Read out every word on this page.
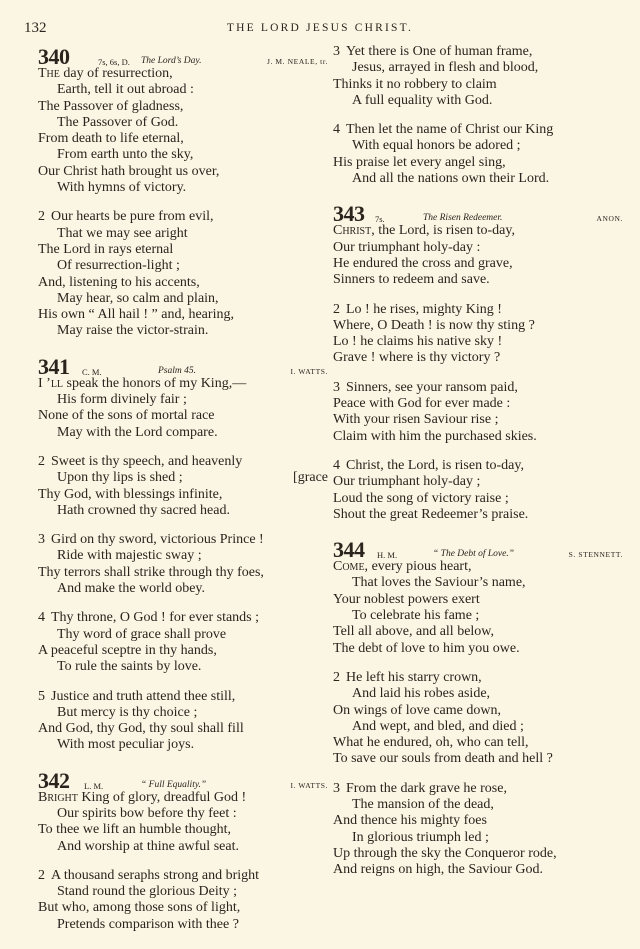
132	THE LORD JESUS CHRIST.
340	7s, 6s, D. The Lord’s Day.	J. M. NEALE, tr.
The day of resurrection,
Earth, tell it out abroad :
The Passover of gladness,
The Passover of God.
From death to life eternal,
From earth unto the sky,
Our Christ hath brought us over,
With hymns of victory.
2 Our hearts be pure from evil,
That we may see aright
The Lord in rays eternal
Of resurrection-light ;
And, listening to his accents,
May hear, so calm and plain,
His own “ All hail ! ” and, hearing,
May raise the victor-strain.
341 C. M.	Psalm 45.	I. WATTS.
I ’ll speak the honors of my King,—
His form divinely fair ;
None of the sons of mortal race
May with the Lord compare.
2 Sweet is thy speech, and heavenly
Upon thy lips is shed ;	[grace
Thy God, with blessings infinite,
Hath crowned thy sacred head.
3 Gird on thy sword, victorious Prince !
Ride with majestic sway ;
Thy terrors shall strike through thy foes,
And make the world obey.
4 Thy throne, O God ! for ever stands ;
Thy word of grace shall prove
A peaceful sceptre in thy hands,
To rule the saints by love.
5 Justice and truth attend thee still,
But mercy is thy choice ;
And God, thy God, thy soul shall fill
With most peculiar joys.
342 L. M.	“ Full Equality.”	I. WATTS.
Bright King of glory, dreadful God !
Our spirits bow before thy feet :
To thee we lift an humble thought,
And worship at thine awful seat.
2 A thousand seraphs strong and bright
Stand round the glorious Deity ;
But who, among those sons of light,
Pretends comparison with thee ?
3 Yet there is One of human frame,
Jesus, arrayed in flesh and blood,
Thinks it no robbery to claim
A full equality with God.
4 Then let the name of Christ our King
With equal honors be adored ;
His praise let every angel sing,
And all the nations own their Lord.
343 7s.	The Risen Redeemer.	ANON.
Christ, the Lord, is risen to-day,
Our triumphant holy-day :
He endured the cross and grave,
Sinners to redeem and save.
2 Lo ! he rises, mighty King !
Where, O Death ! is now thy sting ?
Lo ! he claims his native sky !
Grave ! where is thy victory ?
3 Sinners, see your ransom paid,
Peace with God for ever made :
With your risen Saviour rise ;
Claim with him the purchased skies.
4 Christ, the Lord, is risen to-day,
Our triumphant holy-day ;
Loud the song of victory raise ;
Shout the great Redeemer’s praise.
344 H. M.	“ The Debt of Love.”	S. STENNETT.
Come, every pious heart,
That loves the Saviour’s name,
Your noblest powers exert
To celebrate his fame ;
Tell all above, and all below,
The debt of love to him you owe.
2 He left his starry crown,
And laid his robes aside,
On wings of love came down,
And wept, and bled, and died ;
What he endured, oh, who can tell,
To save our souls from death and hell ?
3 From the dark grave he rose,
The mansion of the dead,
And thence his mighty foes
In glorious triumph led ;
Up through the sky the Conqueror rode,
And reigns on high, the Saviour God.
